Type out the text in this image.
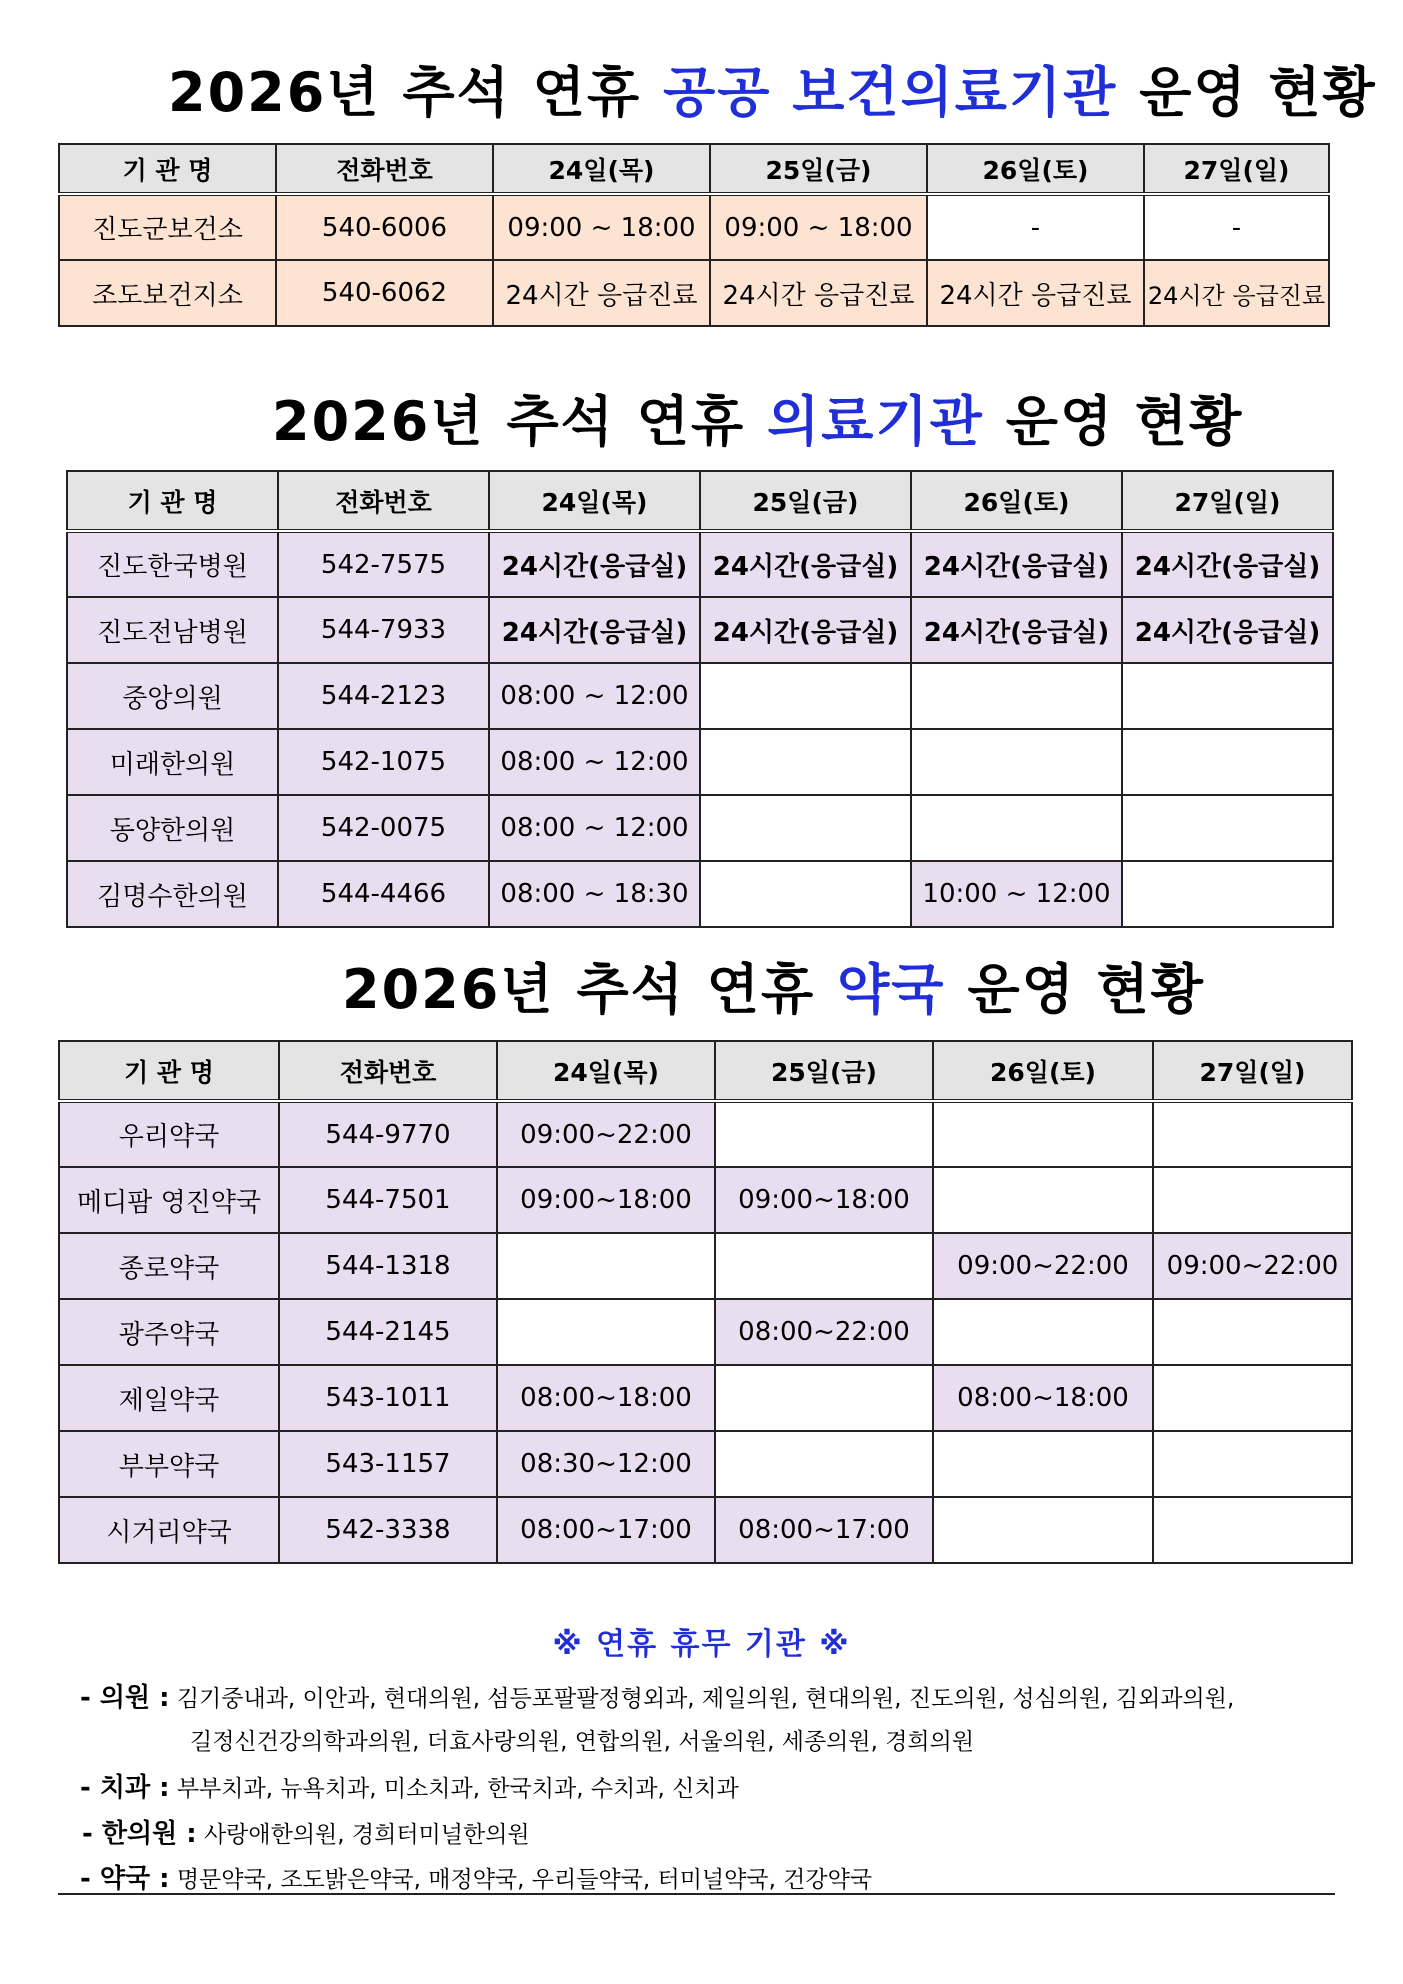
2026년 추석 연휴 공공 보건의료기관 운영 현황
기 관 명	전화번호	24일(목)	25일(금)	26일(토)	27일(일)
진도군보건소	540-6006	09:00 ~ 18:00	09:00 ~ 18:00	-	-
조도보건지소	540-6062	24시간 응급진료	24시간 응급진료	24시간 응급진료	24시간 응급진료
2026년 추석 연휴 의료기관 운영 현황
기 관 명	전화번호	24일(목)	25일(금)	26일(토)	27일(일)
진도한국병원	542-7575	24시간(응급실)	24시간(응급실)	24시간(응급실)	24시간(응급실)
진도전남병원	544-7933	24시간(응급실)	24시간(응급실)	24시간(응급실)	24시간(응급실)
중앙의원	544-2123	08:00 ~ 12:00			
미래한의원	542-1075	08:00 ~ 12:00			
동양한의원	542-0075	08:00 ~ 12:00			
김명수한의원	544-4466	08:00 ~ 18:30		10:00 ~ 12:00	
2026년 추석 연휴 약국 운영 현황
기 관 명	전화번호	24일(목)	25일(금)	26일(토)	27일(일)
우리약국	544-9770	09:00~22:00			
메디팜 영진약국	544-7501	09:00~18:00	09:00~18:00		
종로약국	544-1318			09:00~22:00	09:00~22:00
광주약국	544-2145		08:00~22:00		
제일약국	543-1011	08:00~18:00		08:00~18:00	
부부약국	543-1157	08:30~12:00			
시거리약국	542-3338	08:00~17:00	08:00~17:00		
※ 연휴 휴무 기관 ※
- 의원 : 김기중내과, 이안과, 현대의원, 섬등포팔팔정형외과, 제일의원, 현대의원, 진도의원, 성심의원, 김외과의원,
길정신건강의학과의원, 더효사랑의원, 연합의원, 서울의원, 세종의원, 경희의원
- 치과 : 부부치과, 뉴욕치과, 미소치과, 한국치과, 수치과, 신치과
- 한의원 : 사랑애한의원, 경희터미널한의원
- 약국 : 명문약국, 조도밝은약국, 매정약국, 우리들약국, 터미널약국, 건강약국
